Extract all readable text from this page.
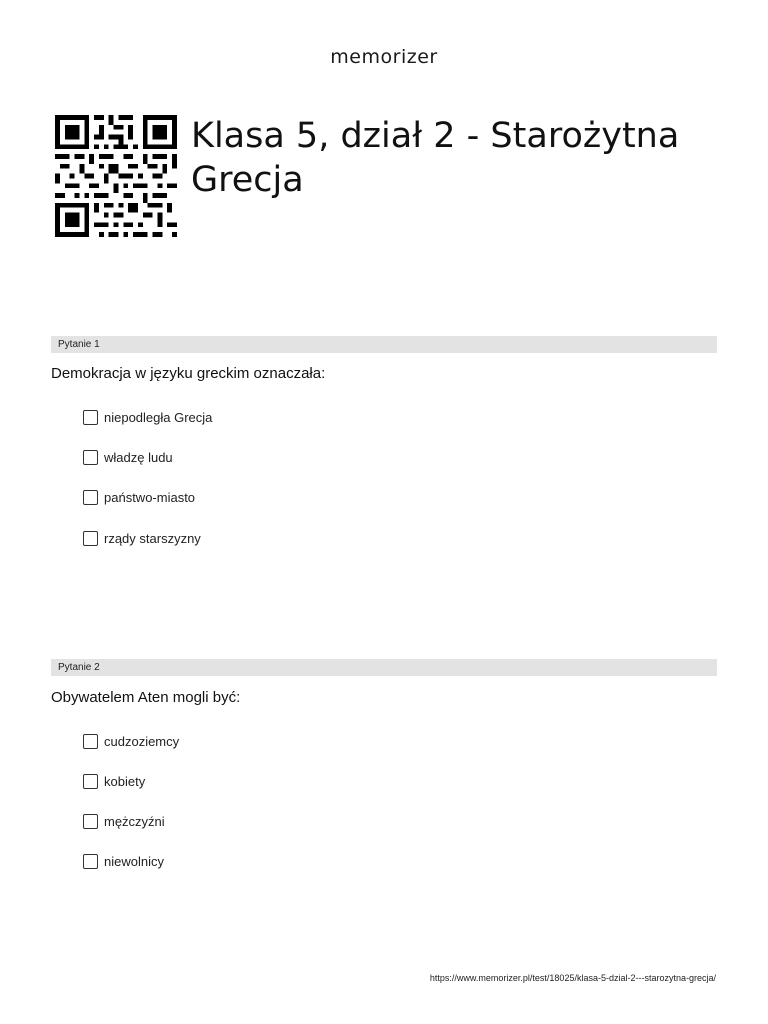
memorizer
Klasa 5, dział 2 - Starożytna Grecja
Pytanie 1
Demokracja w języku greckim oznaczała:
niepodległa Grecja
władzę ludu
państwo-miasto
rządy starszyzny
Pytanie 2
Obywatelem Aten mogli być:
cudzoziemcy
kobiety
mężczyźni
niewolnicy
https://www.memorizer.pl/test/18025/klasa-5-dzial-2---starozytna-grecja/
